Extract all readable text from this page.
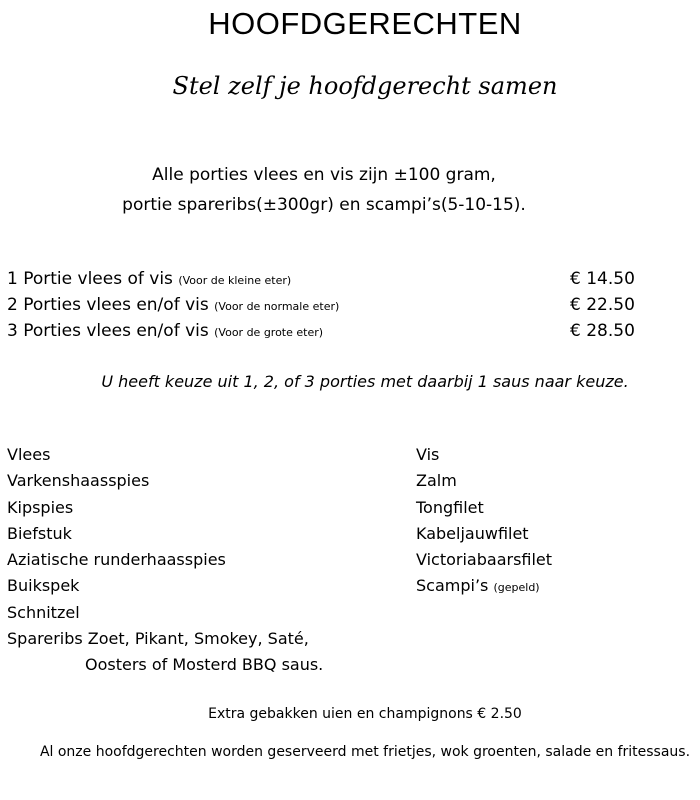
HOOFDGERECHTEN
Stel zelf je hoofdgerecht samen
Alle porties vlees en vis zijn ±100 gram,
portie spareribs(±300gr) en scampi’s(5-10-15).
1 Portie vlees of vis (Voor de kleine eter)	€ 14.50
2 Porties vlees en/of vis (Voor de normale eter)	€ 22.50
3 Porties vlees en/of vis (Voor de grote eter)	€ 28.50
U heeft keuze uit 1, 2, of 3 porties met daarbij 1 saus naar keuze.
Vlees
Varkenshaasspies
Kipspies
Biefstuk
Aziatische runderhaasspies
Buikspek
Schnitzel
Spareribs Zoet, Pikant, Smokey, Saté,
Oosters of Mosterd BBQ saus.
Vis
Zalm
Tongfilet
Kabeljauwfilet
Victoriabaarsfilet
Scampi’s (gepeld)
Extra gebakken uien en champignons € 2.50
Al onze hoofdgerechten worden geserveerd met frietjes, wok groenten, salade en fritessaus.
